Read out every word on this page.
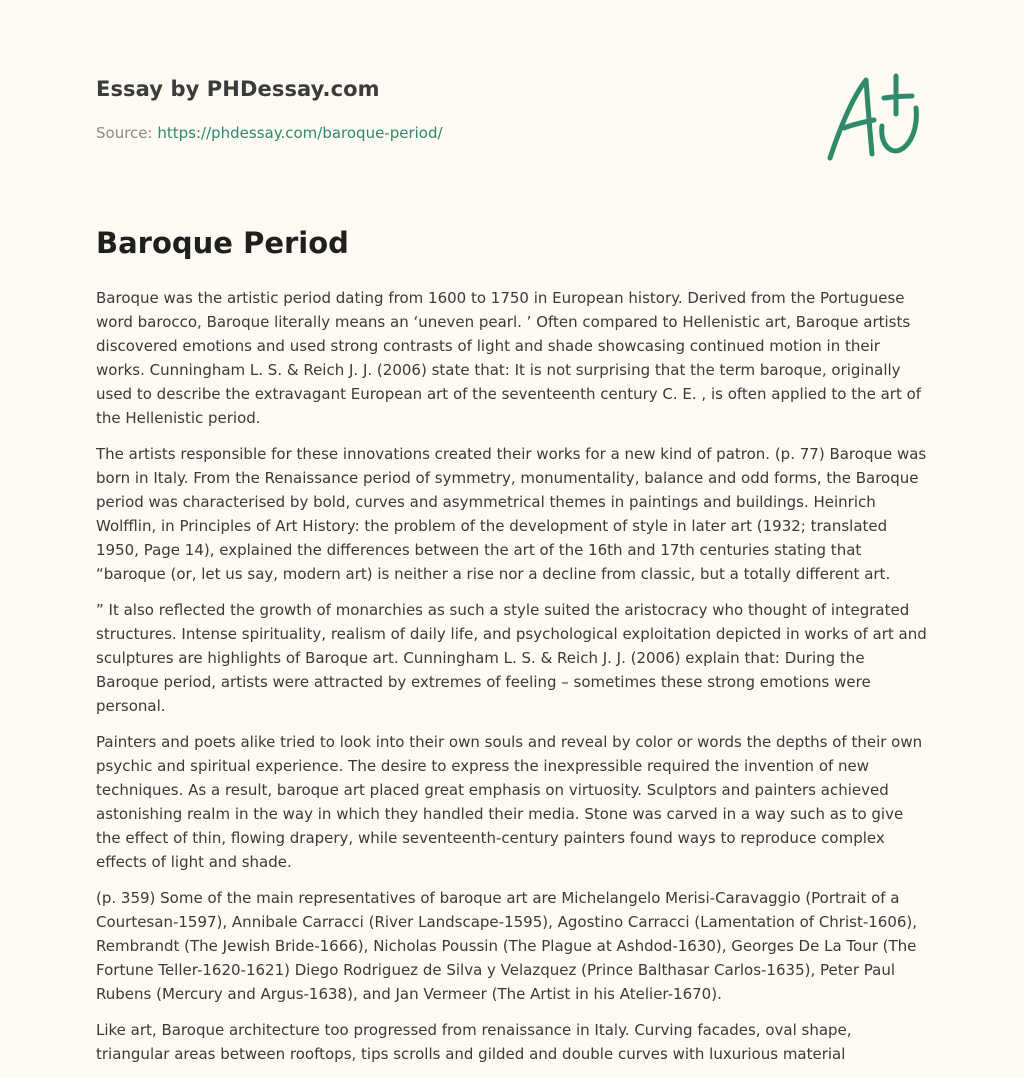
Essay by PHDessay.com
Source: https://phdessay.com/baroque-period/
Baroque Period

Baroque was the artistic period dating from 1600 to 1750 in European history. Derived from the Portuguese word barocco, Baroque literally means an ‘uneven pearl. ’ Often compared to Hellenistic art, Baroque artists discovered emotions and used strong contrasts of light and shade showcasing continued motion in their works. Cunningham L. S. & Reich J. J. (2006) state that: It is not surprising that the term baroque, originally used to describe the extravagant European art of the seventeenth century C. E. , is often applied to the art of the Hellenistic period.

The artists responsible for these innovations created their works for a new kind of patron. (p. 77) Baroque was born in Italy. From the Renaissance period of symmetry, monumentality, balance and odd forms, the Baroque period was characterised by bold, curves and asymmetrical themes in paintings and buildings. Heinrich Wolfflin, in Principles of Art History: the problem of the development of style in later art (1932; translated 1950, Page 14), explained the differences between the art of the 16th and 17th centuries stating that “baroque (or, let us say, modern art) is neither a rise nor a decline from classic, but a totally different art.

” It also reflected the growth of monarchies as such a style suited the aristocracy who thought of integrated structures. Intense spirituality, realism of daily life, and psychological exploitation depicted in works of art and sculptures are highlights of Baroque art. Cunningham L. S. & Reich J. J. (2006) explain that: During the Baroque period, artists were attracted by extremes of feeling – sometimes these strong emotions were personal.

Painters and poets alike tried to look into their own souls and reveal by color or words the depths of their own psychic and spiritual experience. The desire to express the inexpressible required the invention of new techniques. As a result, baroque art placed great emphasis on virtuosity. Sculptors and painters achieved astonishing realm in the way in which they handled their media. Stone was carved in a way such as to give the effect of thin, flowing drapery, while seventeenth-century painters found ways to reproduce complex effects of light and shade.

(p. 359) Some of the main representatives of baroque art are Michelangelo Merisi-Caravaggio (Portrait of a Courtesan-1597), Annibale Carracci (River Landscape-1595), Agostino Carracci (Lamentation of Christ-1606), Rembrandt (The Jewish Bride-1666), Nicholas Poussin (The Plague at Ashdod-1630), Georges De La Tour (The Fortune Teller-1620-1621) Diego Rodriguez de Silva y Velazquez (Prince Balthasar Carlos-1635), Peter Paul Rubens (Mercury and Argus-1638), and Jan Vermeer (The Artist in his Atelier-1670).

Like art, Baroque architecture too progressed from renaissance in Italy. Curving facades, oval shape, triangular areas between rooftops, tips scrolls and gilded and double curves with luxurious material
